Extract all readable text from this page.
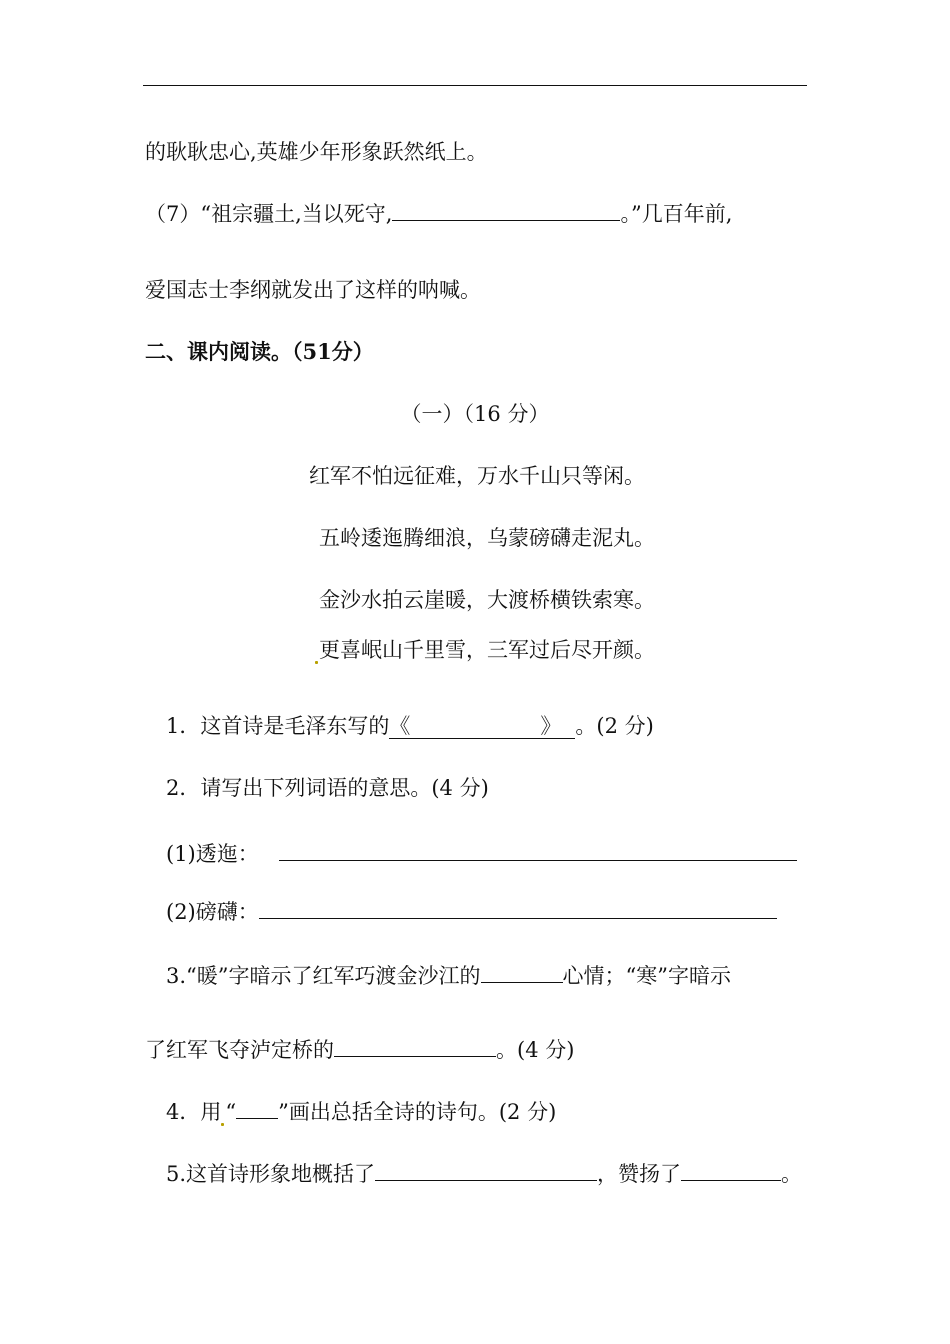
的耿耿忠心,英雄少年形象跃然纸上。
（7）“祖宗疆土,当以死守,	。”几百年前,
爱国志士李纲就发出了这样的呐喊。
二、课内阅读。（51分）
（一）（16 分）
红军不怕远征难，万水千山只等闲。
五岭逶迤腾细浪，乌蒙磅礴走泥丸。
金沙水拍云崖暖，大渡桥横铁索寒。
更喜岷山千里雪，三军过后尽开颜。
1．这首诗是毛泽东写的《	》 。(2 分)
2．请写出下列词语的意思。(4 分)
(1)透迤：
(2)磅礴：
3.“暖”字暗示了红军巧渡金沙江的	心情；“寒”字暗示
了红军飞夺泸定桥的	。(4 分)
4．用 “ ”画出总括全诗的诗句。(2 分)
5.这首诗形象地概括了	，赞扬了	。
